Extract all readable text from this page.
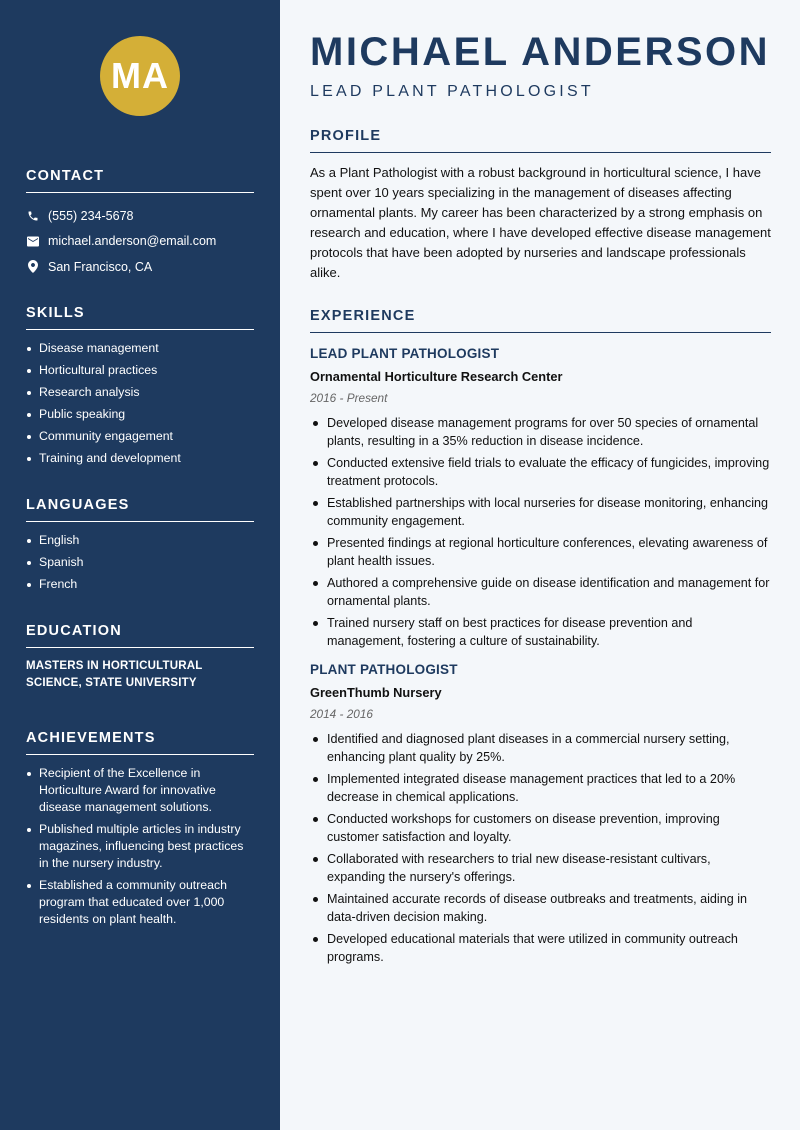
MA
CONTACT
(555) 234-5678
michael.anderson@email.com
San Francisco, CA
SKILLS
Disease management
Horticultural practices
Research analysis
Public speaking
Community engagement
Training and development
LANGUAGES
English
Spanish
French
EDUCATION
MASTERS IN HORTICULTURAL SCIENCE, STATE UNIVERSITY
ACHIEVEMENTS
Recipient of the Excellence in Horticulture Award for innovative disease management solutions.
Published multiple articles in industry magazines, influencing best practices in the nursery industry.
Established a community outreach program that educated over 1,000 residents on plant health.
MICHAEL ANDERSON
LEAD PLANT PATHOLOGIST
PROFILE

As a Plant Pathologist with a robust background in horticultural science, I have spent over 10 years specializing in the management of diseases affecting ornamental plants. My career has been characterized by a strong emphasis on research and education, where I have developed effective disease management protocols that have been adopted by nurseries and landscape professionals alike.

EXPERIENCE
LEAD PLANT PATHOLOGIST
Ornamental Horticulture Research Center
2016 - Present
Developed disease management programs for over 50 species of ornamental plants, resulting in a 35% reduction in disease incidence.
Conducted extensive field trials to evaluate the efficacy of fungicides, improving treatment protocols.
Established partnerships with local nurseries for disease monitoring, enhancing community engagement.
Presented findings at regional horticulture conferences, elevating awareness of plant health issues.
Authored a comprehensive guide on disease identification and management for ornamental plants.
Trained nursery staff on best practices for disease prevention and management, fostering a culture of sustainability.
PLANT PATHOLOGIST
GreenThumb Nursery
2014 - 2016
Identified and diagnosed plant diseases in a commercial nursery setting, enhancing plant quality by 25%.
Implemented integrated disease management practices that led to a 20% decrease in chemical applications.
Conducted workshops for customers on disease prevention, improving customer satisfaction and loyalty.
Collaborated with researchers to trial new disease-resistant cultivars, expanding the nursery's offerings.
Maintained accurate records of disease outbreaks and treatments, aiding in data-driven decision making.
Developed educational materials that were utilized in community outreach programs.
